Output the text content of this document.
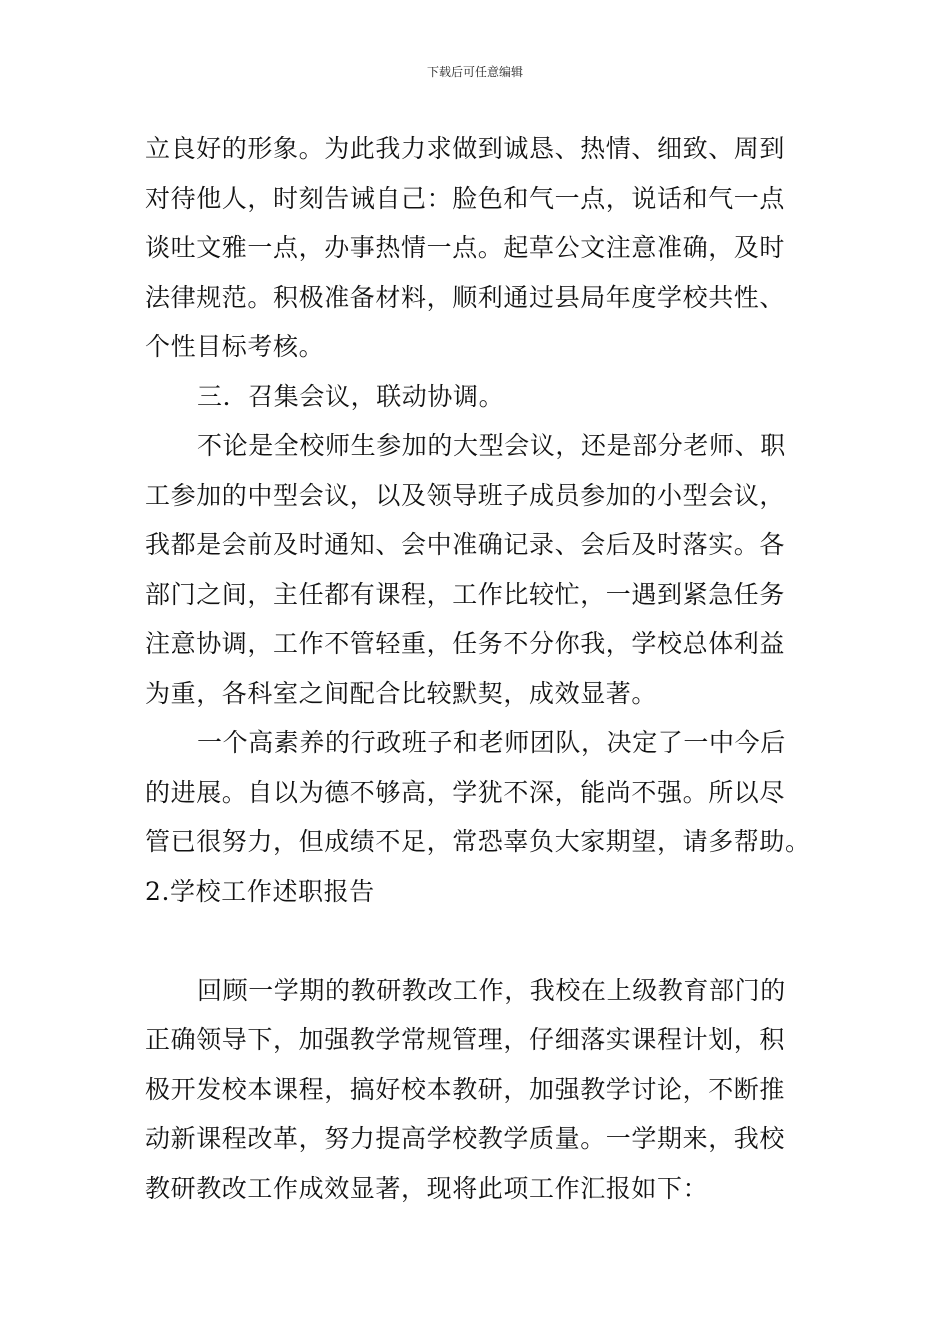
下载后可任意编辑
立良好的形象。为此我力求做到诚恳、热情、细致、周到
对待他人，时刻告诫自己：脸色和气一点，说话和气一点
谈吐文雅一点，办事热情一点。起草公文注意准确，及时
法律规范。积极准备材料，顺利通过县局年度学校共性、
个性目标考核。
三．召集会议，联动协调。
不论是全校师生参加的大型会议，还是部分老师、职
工参加的中型会议，以及领导班子成员参加的小型会议，
我都是会前及时通知、会中准确记录、会后及时落实。各
部门之间，主任都有课程，工作比较忙，一遇到紧急任务
注意协调，工作不管轻重，任务不分你我，学校总体利益
为重，各科室之间配合比较默契，成效显著。
一个高素养的行政班子和老师团队，决定了一中今后
的进展。自以为德不够高，学犹不深，能尚不强。所以尽
管已很努力，但成绩不足，常恐辜负大家期望，请多帮助。
2.学校工作述职报告
回顾一学期的教研教改工作，我校在上级教育部门的
正确领导下，加强教学常规管理，仔细落实课程计划，积
极开发校本课程，搞好校本教研，加强教学讨论，不断推
动新课程改革，努力提高学校教学质量。一学期来，我校
教研教改工作成效显著，现将此项工作汇报如下：
